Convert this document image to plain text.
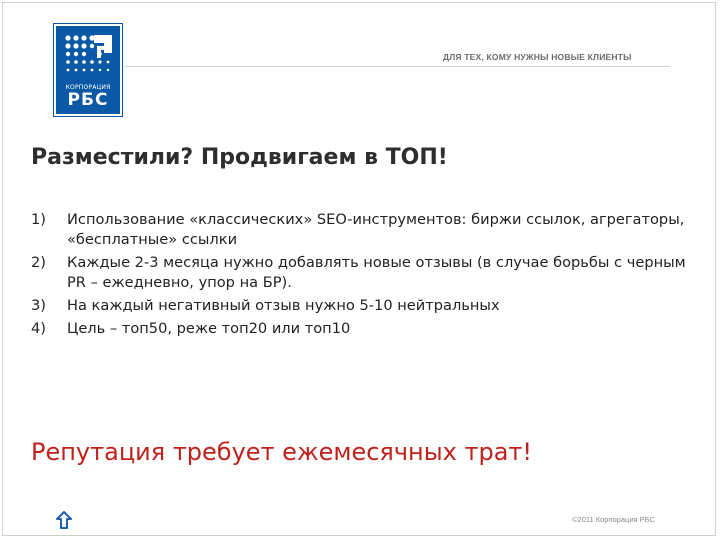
КОРПОРАЦИЯ
РБС
ДЛЯ ТЕХ, КОМУ НУЖНЫ НОВЫЕ КЛИЕНТЫ
Разместили? Продвигаем в ТОП!
1) Использование «классических» SEO-инструментов: биржи ссылок, агрегаторы, «бесплатные» ссылки
2) Каждые 2-3 месяца нужно добавлять новые отзывы (в случае борьбы с черным PR – ежедневно, упор на БР).
3) На каждый негативный отзыв нужно 5-10 нейтральных
4) Цель – топ50, реже топ20 или топ10
Репутация требует ежемесячных трат!
©2011 Корпорация РБС
